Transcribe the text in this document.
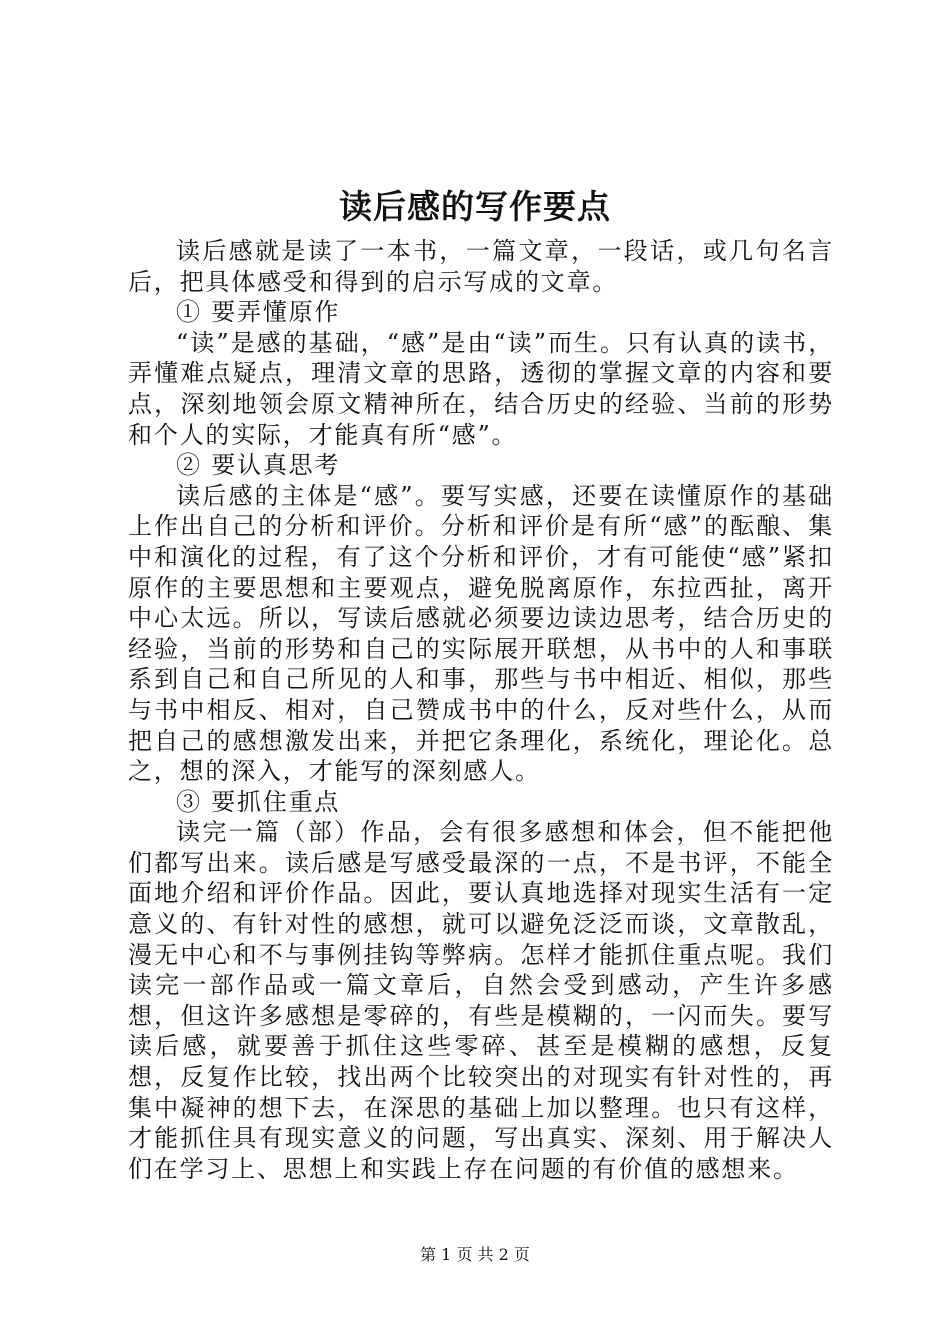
读后感的写作要点

读后感就是读了一本书，一篇文章，一段话，或几句名言后，把具体感受和得到的启示写成的文章。

① 要弄懂原作

“读”是感的基础，“感”是由“读”而生。只有认真的读书，弄懂难点疑点，理清文章的思路，透彻的掌握文章的内容和要点，深刻地领会原文精神所在，结合历史的经验、当前的形势和个人的实际，才能真有所“感”。

② 要认真思考

读后感的主体是“感”。要写实感，还要在读懂原作的基础上作出自己的分析和评价。分析和评价是有所“感”的酝酿、集中和演化的过程，有了这个分析和评价，才有可能使“感”紧扣原作的主要思想和主要观点，避免脱离原作，东拉西扯，离开中心太远。所以，写读后感就必须要边读边思考，结合历史的经验，当前的形势和自己的实际展开联想，从书中的人和事联系到自己和自己所见的人和事，那些与书中相近、相似，那些与书中相反、相对，自己赞成书中的什么，反对些什么，从而把自己的感想激发出来，并把它条理化，系统化，理论化。总之，想的深入，才能写的深刻感人。

③ 要抓住重点

读完一篇（部）作品，会有很多感想和体会，但不能把他们都写出来。读后感是写感受最深的一点，不是书评，不能全面地介绍和评价作品。因此，要认真地选择对现实生活有一定意义的、有针对性的感想，就可以避免泛泛而谈，文章散乱，漫无中心和不与事例挂钩等弊病。怎样才能抓住重点呢。我们读完一部作品或一篇文章后，自然会受到感动，产生许多感想，但这许多感想是零碎的，有些是模糊的，一闪而失。要写读后感，就要善于抓住这些零碎、甚至是模糊的感想，反复想，反复作比较，找出两个比较突出的对现实有针对性的，再集中凝神的想下去，在深思的基础上加以整理。也只有这样，才能抓住具有现实意义的问题，写出真实、深刻、用于解决人们在学习上、思想上和实践上存在问题的有价值的感想来。

第 1 页 共 2 页
